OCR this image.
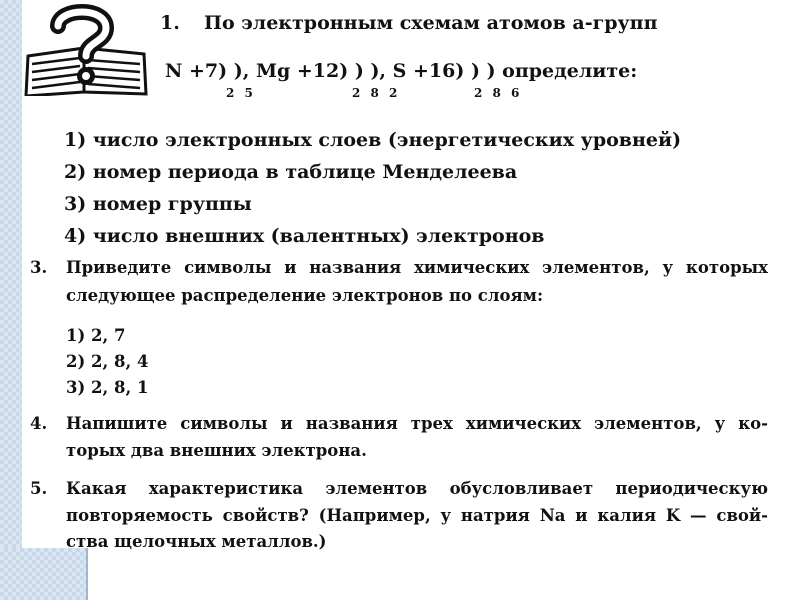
1. По электронным схемам атомов а-групп
N +7) ), Mg +12) ) ), S +16) ) ) определите:
2 5	2 8 2	2 8 6
1) число электронных слоев (энергетических уровней)
2) номер периода в таблице Менделеева
3) номер группы
4) число внешних (валентных) электронов
3. Приведите символы и названия химических элементов, у которых
следующее распределение электронов по слоям:
1) 2, 7
2) 2, 8, 4
3) 2, 8, 1
4. Напишите символы и названия трех химических элементов, у ко-
торых два внешних электрона.
5. Какая характеристика элементов обусловливает периодическую
повторяемость свойств? (Например, у натрия Na и калия K — свой-
ства щелочных металлов.)
